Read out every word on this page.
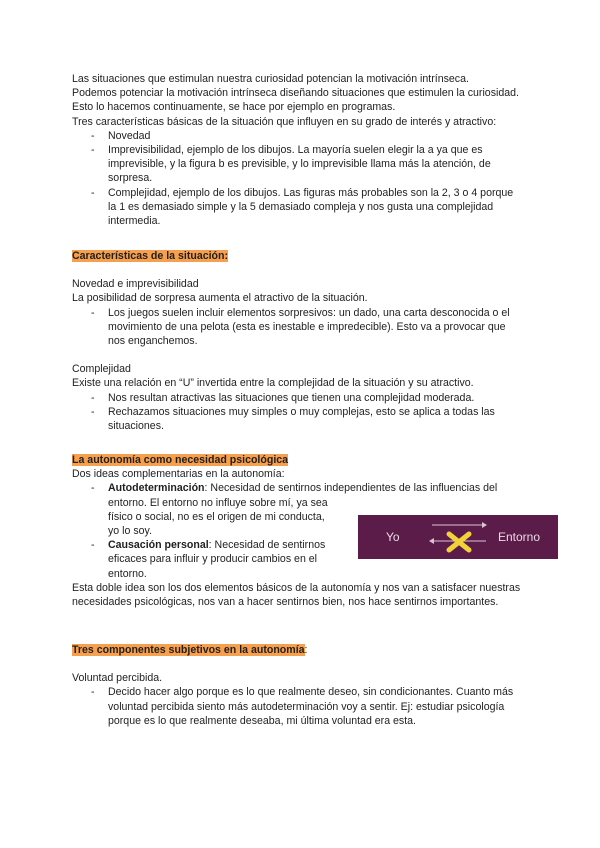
Las situaciones que estimulan nuestra curiosidad potencian la motivación intrínseca.

Podemos potenciar la motivación intrínseca diseñando situaciones que estimulen la curiosidad. Esto lo hacemos continuamente, se hace por ejemplo en programas.

Tres características básicas de la situación que influyen en su grado de interés y atractivo:

- Novedad
- Imprevisibilidad, ejemplo de los dibujos. La mayoría suelen elegir la a ya que es imprevisible, y la figura b es previsible, y lo imprevisible llama más la atención, de sorpresa.
- Complejidad, ejemplo de los dibujos. Las figuras más probables son la 2, 3 o 4 porque la 1 es demasiado simple y la 5 demasiado compleja y nos gusta una complejidad intermedia.

Características de la situación:

Novedad e imprevisibilidad

La posibilidad de sorpresa aumenta el atractivo de la situación.

- Los juegos suelen incluir elementos sorpresivos: un dado, una carta desconocida o el movimiento de una pelota (esta es inestable e impredecible). Esto va a provocar que nos enganchemos.

Complejidad

Existe una relación en “U” invertida entre la complejidad de la situación y su atractivo.

- Nos resultan atractivas las situaciones que tienen una complejidad moderada.
- Rechazamos situaciones muy simples o muy complejas, esto se aplica a todas las situaciones.

La autonomía como necesidad psicológica

Dos ideas complementarias en la autonomía:

- Autodeterminación: Necesidad de sentirnos independientes de las influencias del
entorno. El entorno no influye sobre mí, ya sea físico o social, no es el origen de mi conducta, yo lo soy.
- Causación personal: Necesidad de sentirnos eficaces para influir y producir cambios en el entorno.

Esta doble idea son los dos elementos básicos de la autonomía y nos van a satisfacer nuestras necesidades psicológicas, nos van a hacer sentirnos bien, nos hace sentirnos importantes.

Yo	Entorno

Tres componentes subjetivos en la autonomía:

Voluntad percibida.

- Decido hacer algo porque es lo que realmente deseo, sin condicionantes. Cuanto más voluntad percibida siento más autodeterminación voy a sentir. Ej: estudiar psicología porque es lo que realmente deseaba, mi última voluntad era esta.
